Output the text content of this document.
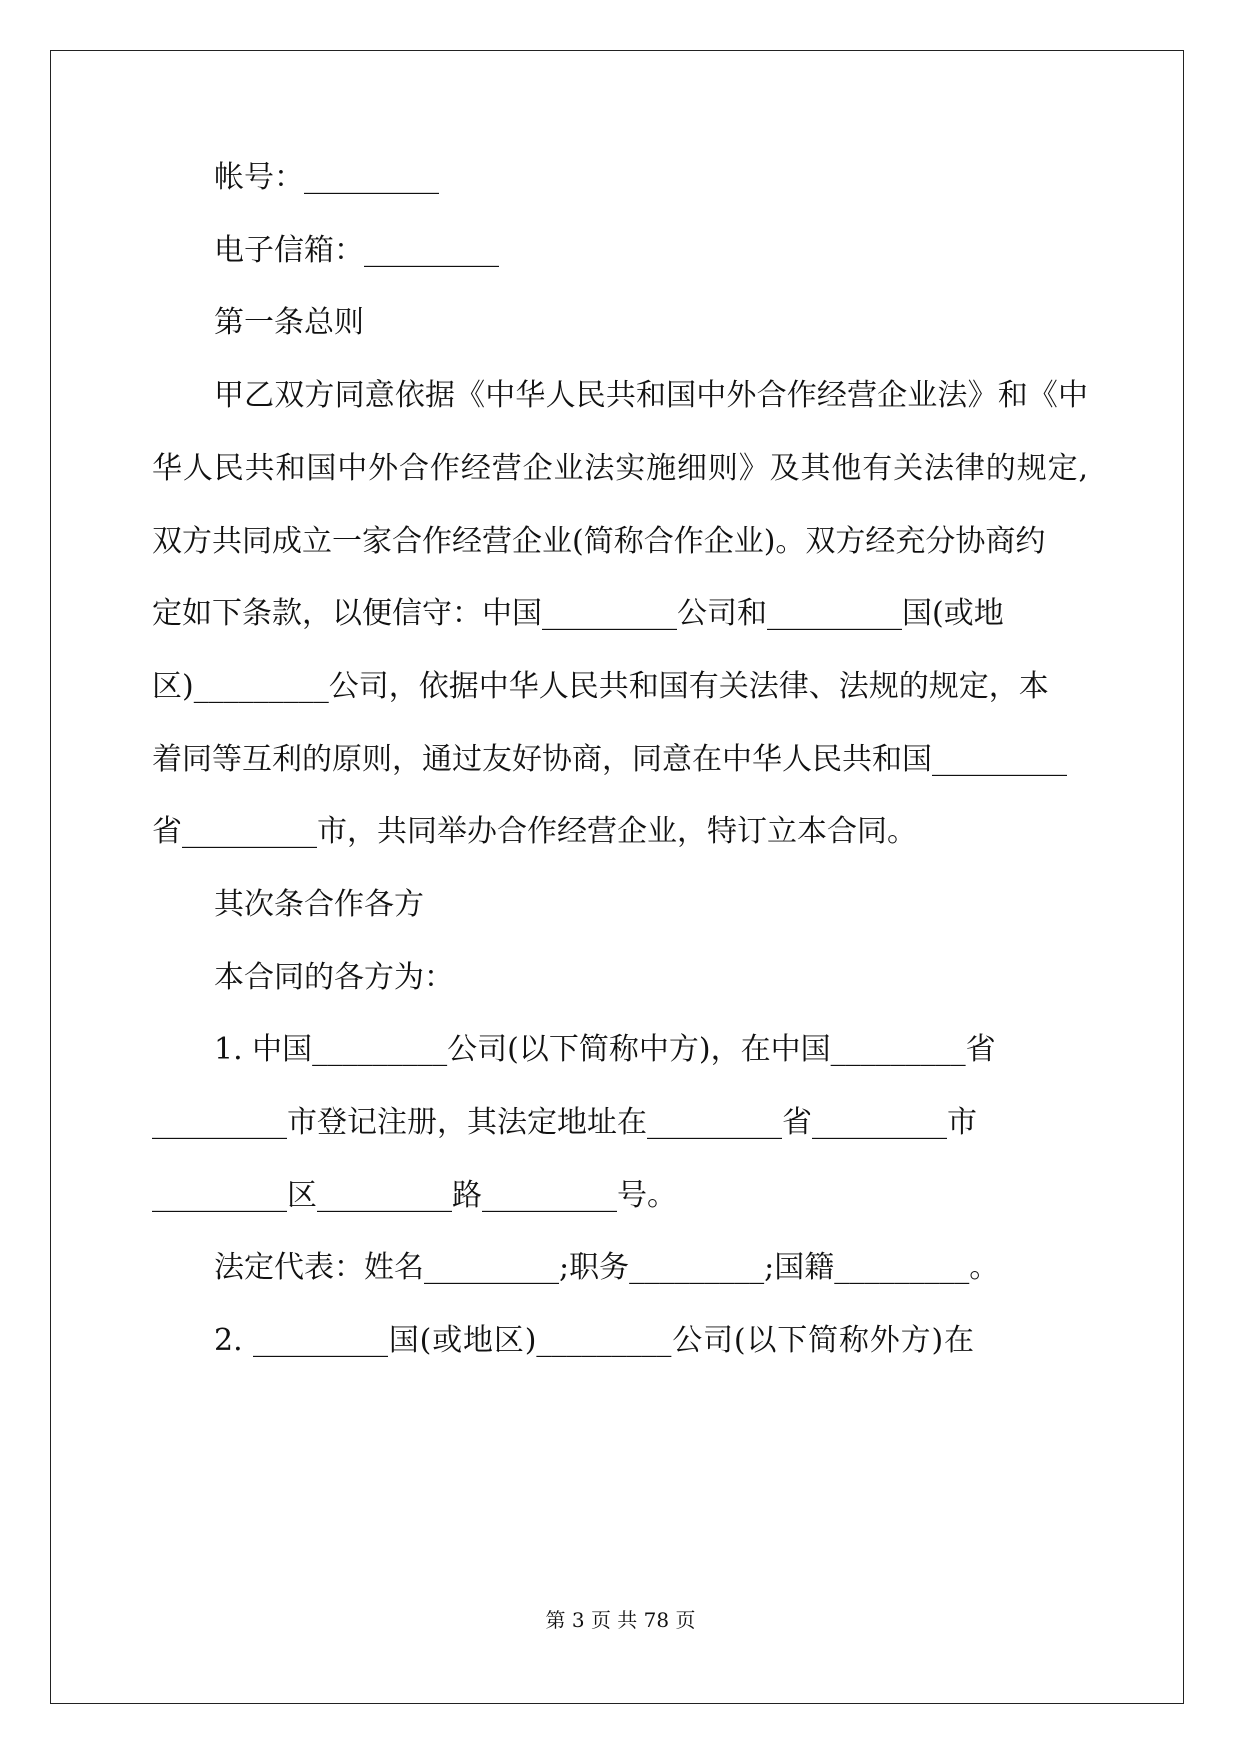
帐号：_________
电子信箱：_________
第一条总则
甲乙双方同意依据《中华人民共和国中外合作经营企业法》和《中
华人民共和国中外合作经营企业法实施细则》及其他有关法律的规定,
双方共同成立一家合作经营企业(简称合作企业)。双方经充分协商约
定如下条款，以便信守：中国_________公司和_________国(或地
区)_________公司，依据中华人民共和国有关法律、法规的规定，本
着同等互利的原则，通过友好协商，同意在中华人民共和国_________
省_________市，共同举办合作经营企业，特订立本合同。
其次条合作各方
本合同的各方为：
1. 中国_________公司(以下简称中方)，在中国_________省
_________市登记注册，其法定地址在_________省_________市
_________区_________路_________号。
法定代表：姓名_________;职务_________;国籍_________。
2. _________国(或地区)_________公司(以下简称外方)在
第 3 页 共 78 页
